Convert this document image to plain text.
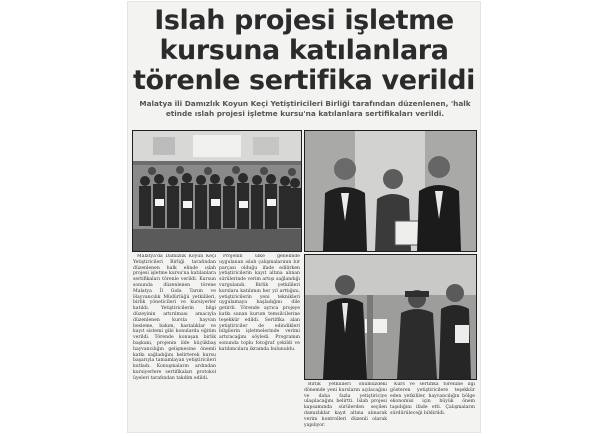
Islah projesi işletme
kursuna katılanlara
törenle sertifika verildi
Malatya ili Damızlık Koyun Keçi Yetiştiricileri Birliği tarafından düzenlenen, 'halk
etinde ıslah projesi işletme kursu'na katılanlara sertifikaları verildi.

Malatya'da Damızlık Koyun Keçi Yetiştiricileri Birliği tarafından düzenlenen halk elinde ıslah projesi işletme kursu'na katılanlara sertifikaları törenle verildi. Kursun sonunda düzenlenen törene Malatya İl Gıda Tarım ve Hayvancılık Müdürlüğü yetkilileri, birlik yöneticileri ve kursiyerler katıldı. Yetiştiricilerin bilgi düzeyinin artırılması amacıyla düzenlenen kursta hayvan besleme, bakım, hastalıklar ve kayıt sistemi gibi konularda eğitim verildi. Törende konuşan birlik başkanı, projenin ilde küçükbaş hayvancılığın gelişmesine önemli katkı sağladığını belirterek kursu başarıyla tamamlayan yetiştiricileri kutladı. Konuşmaların ardından kursiyerlere sertifikaları protokol üyeleri tarafından takdim edildi.

Projenin ülke genelinde uygulanan ıslah çalışmalarının bir parçası olduğu ifade edilirken yetiştiricilerin kayıt altına alınan sürülerinde verim artışı sağlandığı vurgulandı. Birlik yetkilileri kurslara katılımın her yıl arttığını, yetiştiricilerin yeni teknikleri uygulamaya başladığını dile getirdi. Törende ayrıca projeye katkı sunan kurum temsilcilerine teşekkür edildi. Sertifika alan yetiştiriciler de edindikleri bilgilerin işletmelerinde verimi artıracağını söyledi. Programın sonunda toplu fotoğraf çekildi ve katılımcılara ikramda bulunuldu.

Birlik yetkilileri önümüzdeki dönemde yeni kursların açılacağını ve daha fazla yetiştiriciye ulaşılacağını belirtti. Islah projesi kapsamında sürülerden seçilen damızlıklar kayıt altına alınarak verim kontrolleri düzenli olarak yapılıyor.

Kurs ve sertifika törenine ilgi gösteren yetiştiricilere teşekkür eden yetkililer, hayvancılığın bölge ekonomisi için büyük önem taşıdığını ifade etti. Çalışmaların sürdürüleceği bildirildi.
